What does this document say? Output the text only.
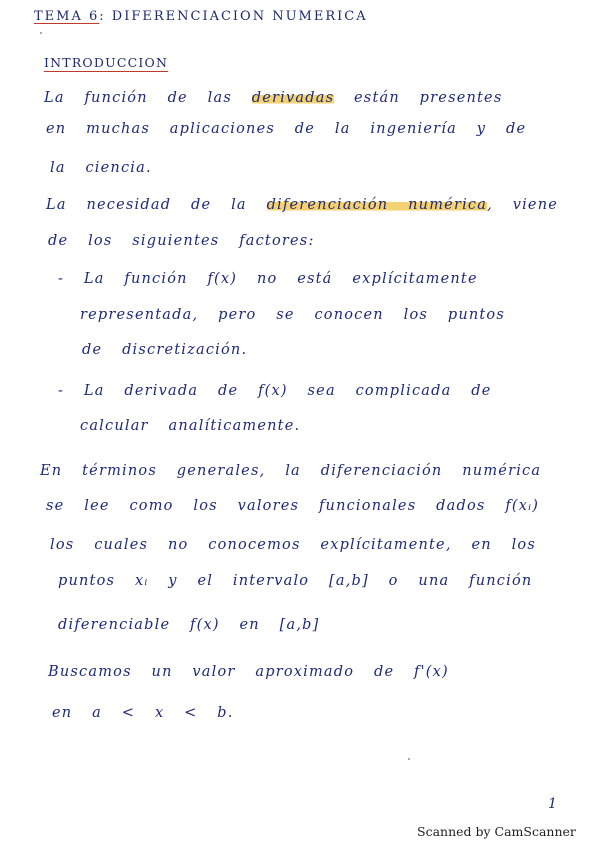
TEMA 6: DIFERENCIACION NUMERICA
INTRODUCCION
La función de las derivadas están presentes
en muchas aplicaciones de la ingeniería y de
la ciencia.
La necesidad de la diferenciación numérica, viene
de los siguientes factores:
- La función f(x) no está explícitamente
representada, pero se conocen los puntos
de discretización.
- La derivada de f(x) sea complicada de
calcular analíticamente.
En términos generales, la diferenciación numérica
se lee como los valores funcionales dados f(xᵢ)
los cuales no conocemos explícitamente, en los
puntos xᵢ y el intervalo [a,b] o una función
diferenciable f(x) en [a,b]
Buscamos un valor aproximado de f'(x)
en a < x < b.
1
Scanned by CamScanner
